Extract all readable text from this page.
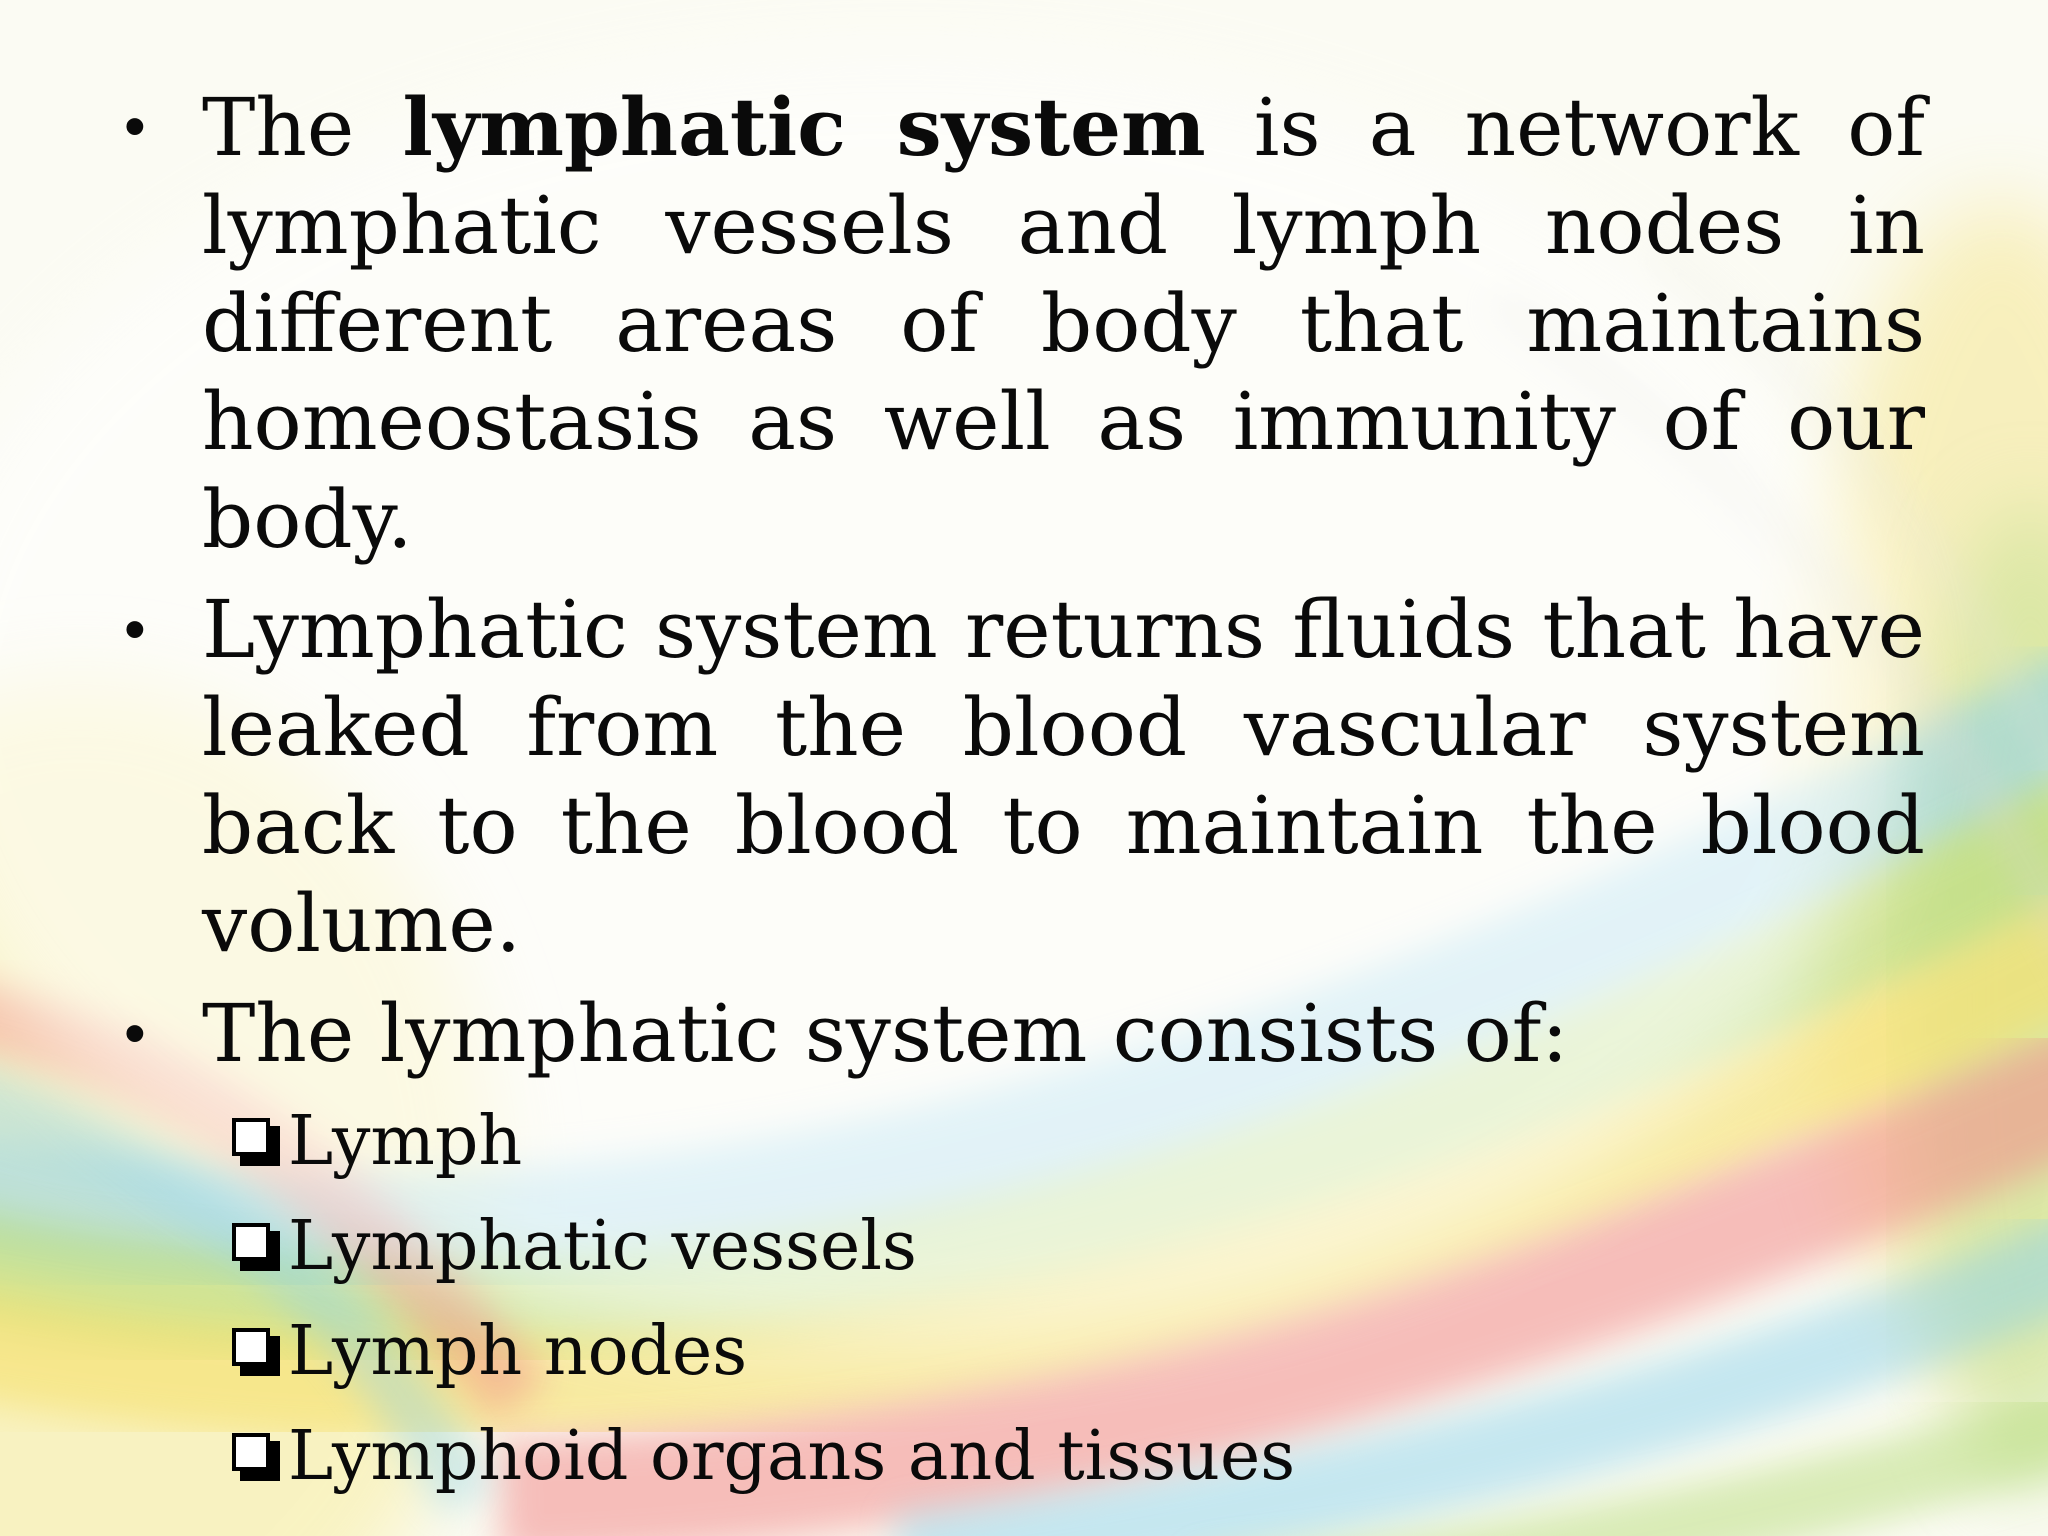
• The lymphatic system is a network of lymphatic vessels and lymph nodes in different areas of body that maintains homeostasis as well as immunity of our body.

• Lymphatic system returns fluids that have leaked from the blood vascular system back to the blood to maintain the blood volume.

• The lymphatic system consists of:

Lymph
Lymphatic vessels
Lymph nodes
Lymphoid organs and tissues
